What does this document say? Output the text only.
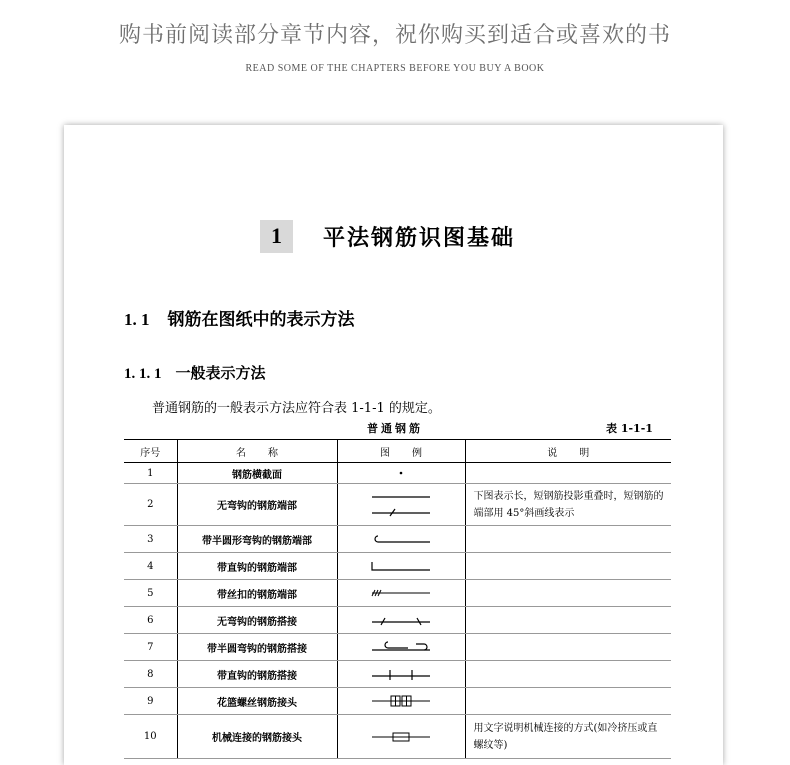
购书前阅读部分章节内容，祝你购买到适合或喜欢的书
READ SOME OF THE CHAPTERS BEFORE YOU BUY A BOOK
1	平法钢筋识图基础
1. 1 钢筋在图纸中的表示方法
1. 1. 1 一般表示方法
普通钢筋的一般表示方法应符合表 1-1-1 的规定。
普通钢筋	表 1-1-1
序号	名称	图例	说明
1	钢筋横截面	

2	无弯钩的钢筋端部		下图表示长，短钢筋投影重叠时，短钢筋的端部用 45°斜画线表示
3	带半圆形弯钩的钢筋端部	

4	带直钩的钢筋端部	

5	带丝扣的钢筋端部	

6	无弯钩的钢筋搭接	

7	带半圆弯钩的钢筋搭接	

8	带直钩的钢筋搭接	

9	花篮螺丝钢筋接头	

10	机械连接的钢筋接头		用文字说明机械连接的方式(如冷挤压或直螺纹等)
